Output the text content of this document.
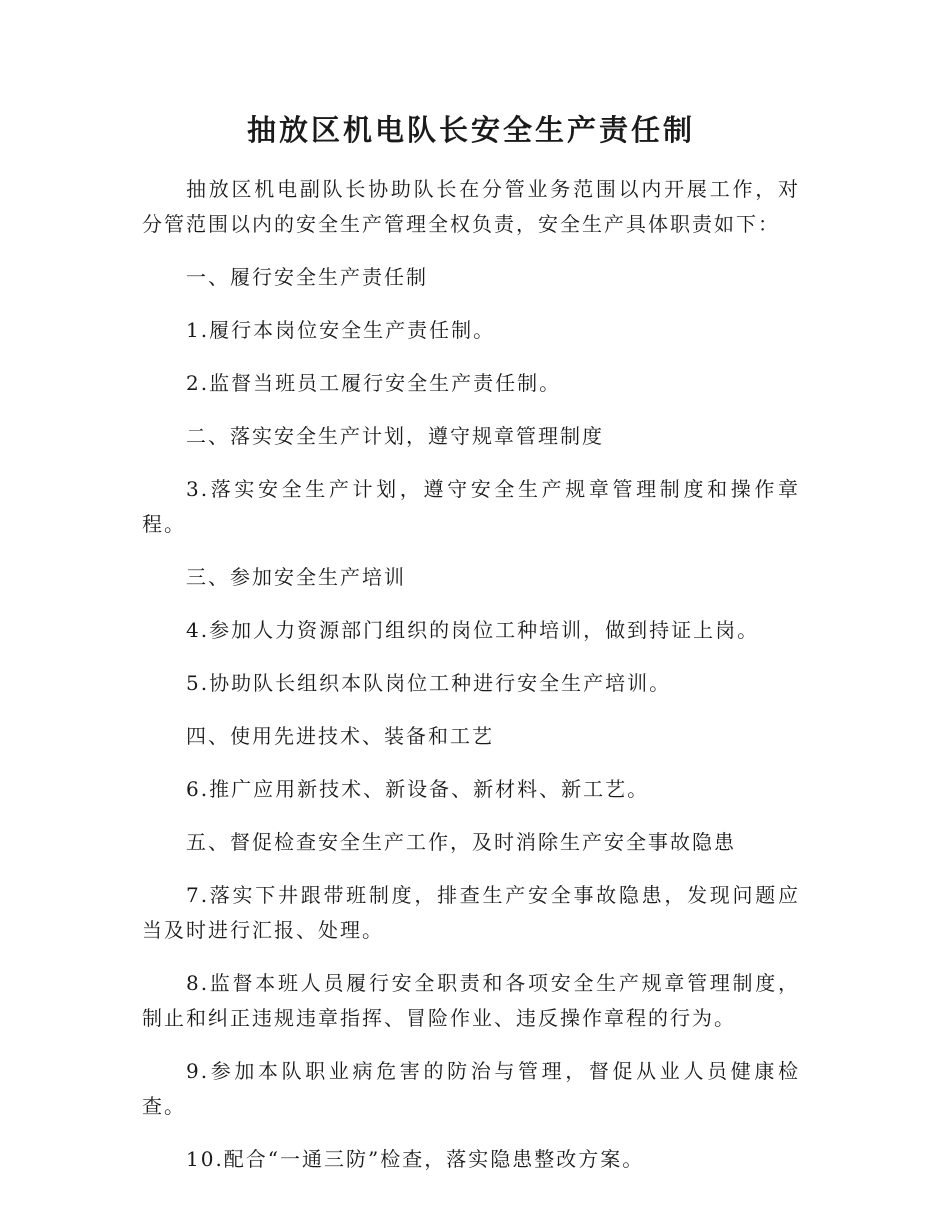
抽放区机电队长安全生产责任制

抽放区机电副队长协助队长在分管业务范围以内开展工作，对分管范围以内的安全生产管理全权负责，安全生产具体职责如下：

一、履行安全生产责任制

1.履行本岗位安全生产责任制。

2.监督当班员工履行安全生产责任制。

二、落实安全生产计划，遵守规章管理制度

3.落实安全生产计划，遵守安全生产规章管理制度和操作章程。

三、参加安全生产培训

4.参加人力资源部门组织的岗位工种培训，做到持证上岗。

5.协助队长组织本队岗位工种进行安全生产培训。

四、使用先进技术、装备和工艺

6.推广应用新技术、新设备、新材料、新工艺。

五、督促检查安全生产工作，及时消除生产安全事故隐患

7.落实下井跟带班制度，排查生产安全事故隐患，发现问题应当及时进行汇报、处理。

8.监督本班人员履行安全职责和各项安全生产规章管理制度，制止和纠正违规违章指挥、冒险作业、违反操作章程的行为。

9.参加本队职业病危害的防治与管理，督促从业人员健康检查。

10.配合“一通三防”检查，落实隐患整改方案。
